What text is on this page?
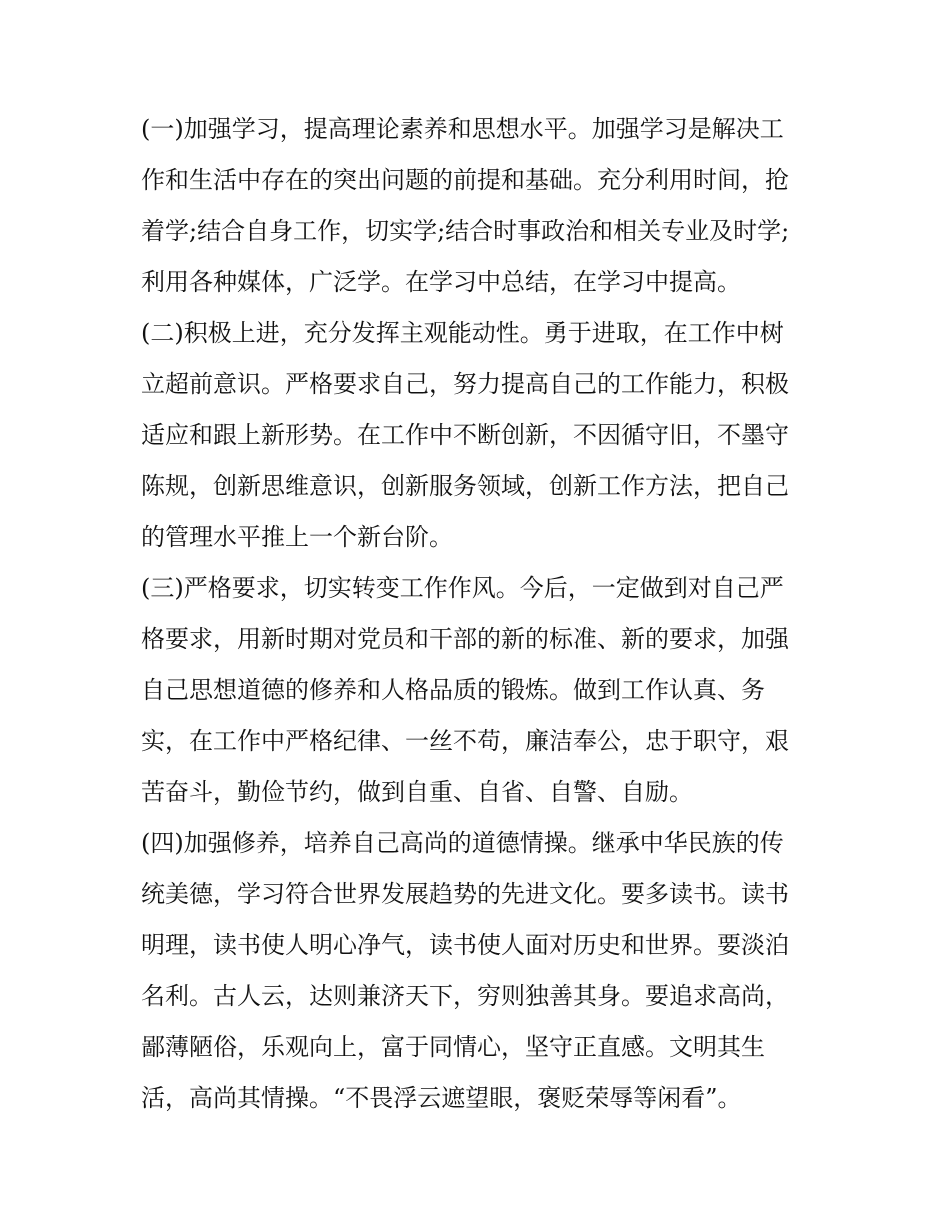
(一)加强学习，提高理论素养和思想水平。加强学习是解决工
作和生活中存在的突出问题的前提和基础。充分利用时间，抢
着学;结合自身工作，切实学;结合时事政治和相关专业及时学;
利用各种媒体，广泛学。在学习中总结，在学习中提高。
(二)积极上进，充分发挥主观能动性。勇于进取，在工作中树
立超前意识。严格要求自己，努力提高自己的工作能力，积极
适应和跟上新形势。在工作中不断创新，不因循守旧，不墨守
陈规，创新思维意识，创新服务领域，创新工作方法，把自己
的管理水平推上一个新台阶。
(三)严格要求，切实转变工作作风。今后，一定做到对自己严
格要求，用新时期对党员和干部的新的标准、新的要求，加强
自己思想道德的修养和人格品质的锻炼。做到工作认真、务
实，在工作中严格纪律、一丝不苟，廉洁奉公，忠于职守，艰
苦奋斗，勤俭节约，做到自重、自省、自警、自励。
(四)加强修养，培养自己高尚的道德情操。继承中华民族的传
统美德，学习符合世界发展趋势的先进文化。要多读书。读书
明理，读书使人明心净气，读书使人面对历史和世界。要淡泊
名利。古人云，达则兼济天下，穷则独善其身。要追求高尚，
鄙薄陋俗，乐观向上，富于同情心，坚守正直感。文明其生
活，高尚其情操。“不畏浮云遮望眼，褒贬荣辱等闲看”。
